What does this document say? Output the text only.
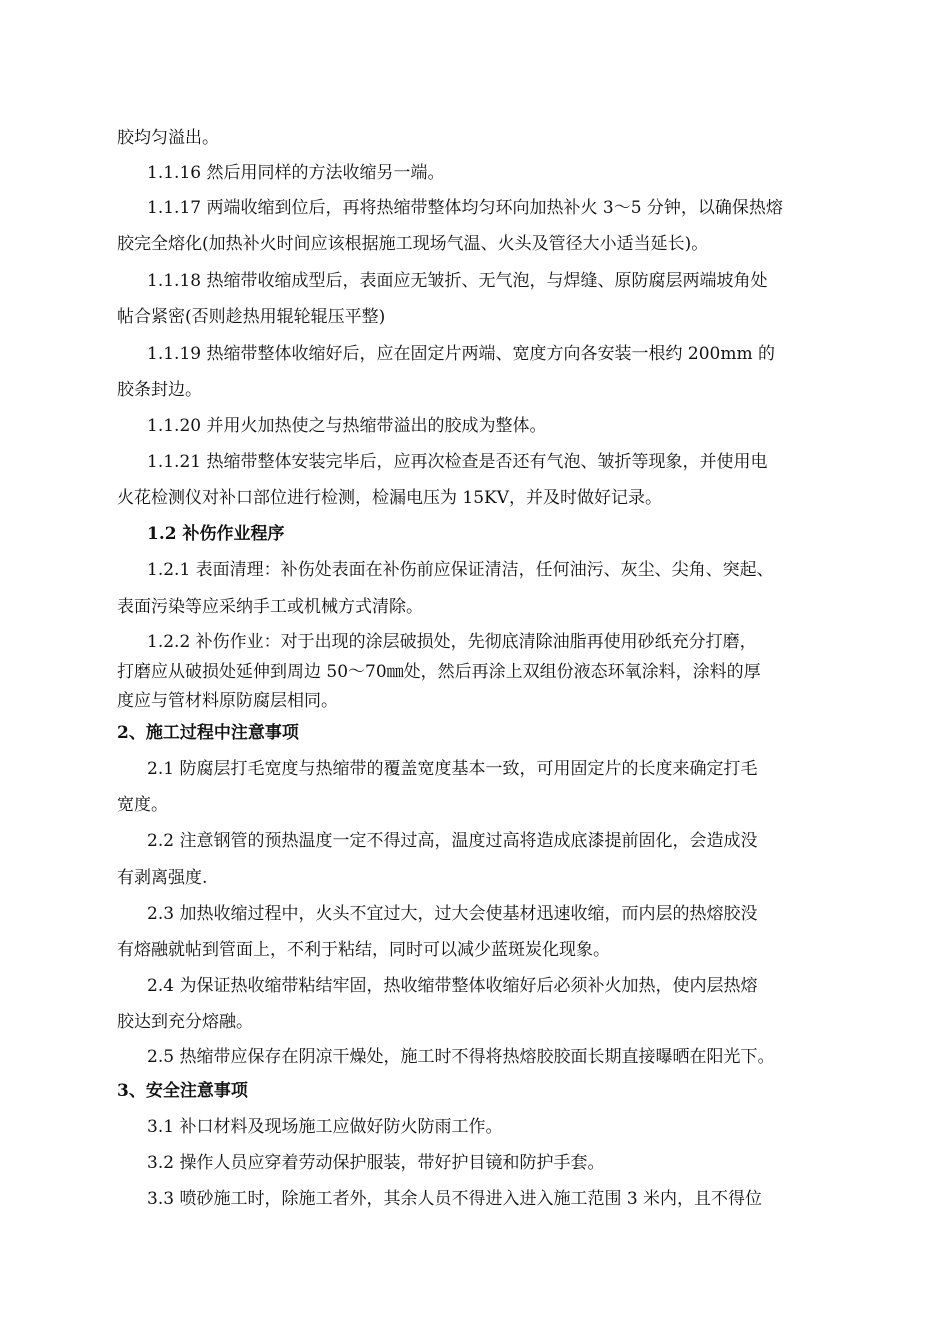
胶均匀溢出。
1.1.16 然后用同样的方法收缩另一端。
1.1.17 两端收缩到位后，再将热缩带整体均匀环向加热补火 3～5 分钟，以确保热熔
胶完全熔化(加热补火时间应该根据施工现场气温、火头及管径大小适当延长)。
1.1.18 热缩带收缩成型后，表面应无皱折、无气泡，与焊缝、原防腐层两端坡角处
帖合紧密(否则趁热用辊轮辊压平整)
1.1.19 热缩带整体收缩好后，应在固定片两端、宽度方向各安装一根约 200mm 的
胶条封边。
1.1.20 并用火加热使之与热缩带溢出的胶成为整体。
1.1.21 热缩带整体安装完毕后，应再次检查是否还有气泡、皱折等现象，并使用电
火花检测仪对补口部位进行检测，检漏电压为 15KV，并及时做好记录。
1.2 补伤作业程序
1.2.1 表面清理：补伤处表面在补伤前应保证清洁，任何油污、灰尘、尖角、突起、
表面污染等应采纳手工或机械方式清除。
1.2.2 补伤作业：对于出现的涂层破损处，先彻底清除油脂再使用砂纸充分打磨，
打磨应从破损处延伸到周边 50～70㎜处，然后再涂上双组份液态环氧涂料，涂料的厚
度应与管材料原防腐层相同。
2、施工过程中注意事项
2.1 防腐层打毛宽度与热缩带的覆盖宽度基本一致，可用固定片的长度来确定打毛
宽度。
2.2 注意钢管的预热温度一定不得过高，温度过高将造成底漆提前固化，会造成没
有剥离强度.
2.3 加热收缩过程中，火头不宜过大，过大会使基材迅速收缩，而内层的热熔胶没
有熔融就帖到管面上，不利于粘结，同时可以减少蓝斑炭化现象。
2.4 为保证热收缩带粘结牢固，热收缩带整体收缩好后必须补火加热，使内层热熔
胶达到充分熔融。
2.5 热缩带应保存在阴凉干燥处，施工时不得将热熔胶胶面长期直接曝晒在阳光下。
3、安全注意事项
3.1 补口材料及现场施工应做好防火防雨工作。
3.2 操作人员应穿着劳动保护服装，带好护目镜和防护手套。
3.3 喷砂施工时，除施工者外，其余人员不得进入进入施工范围 3 米内，且不得位
